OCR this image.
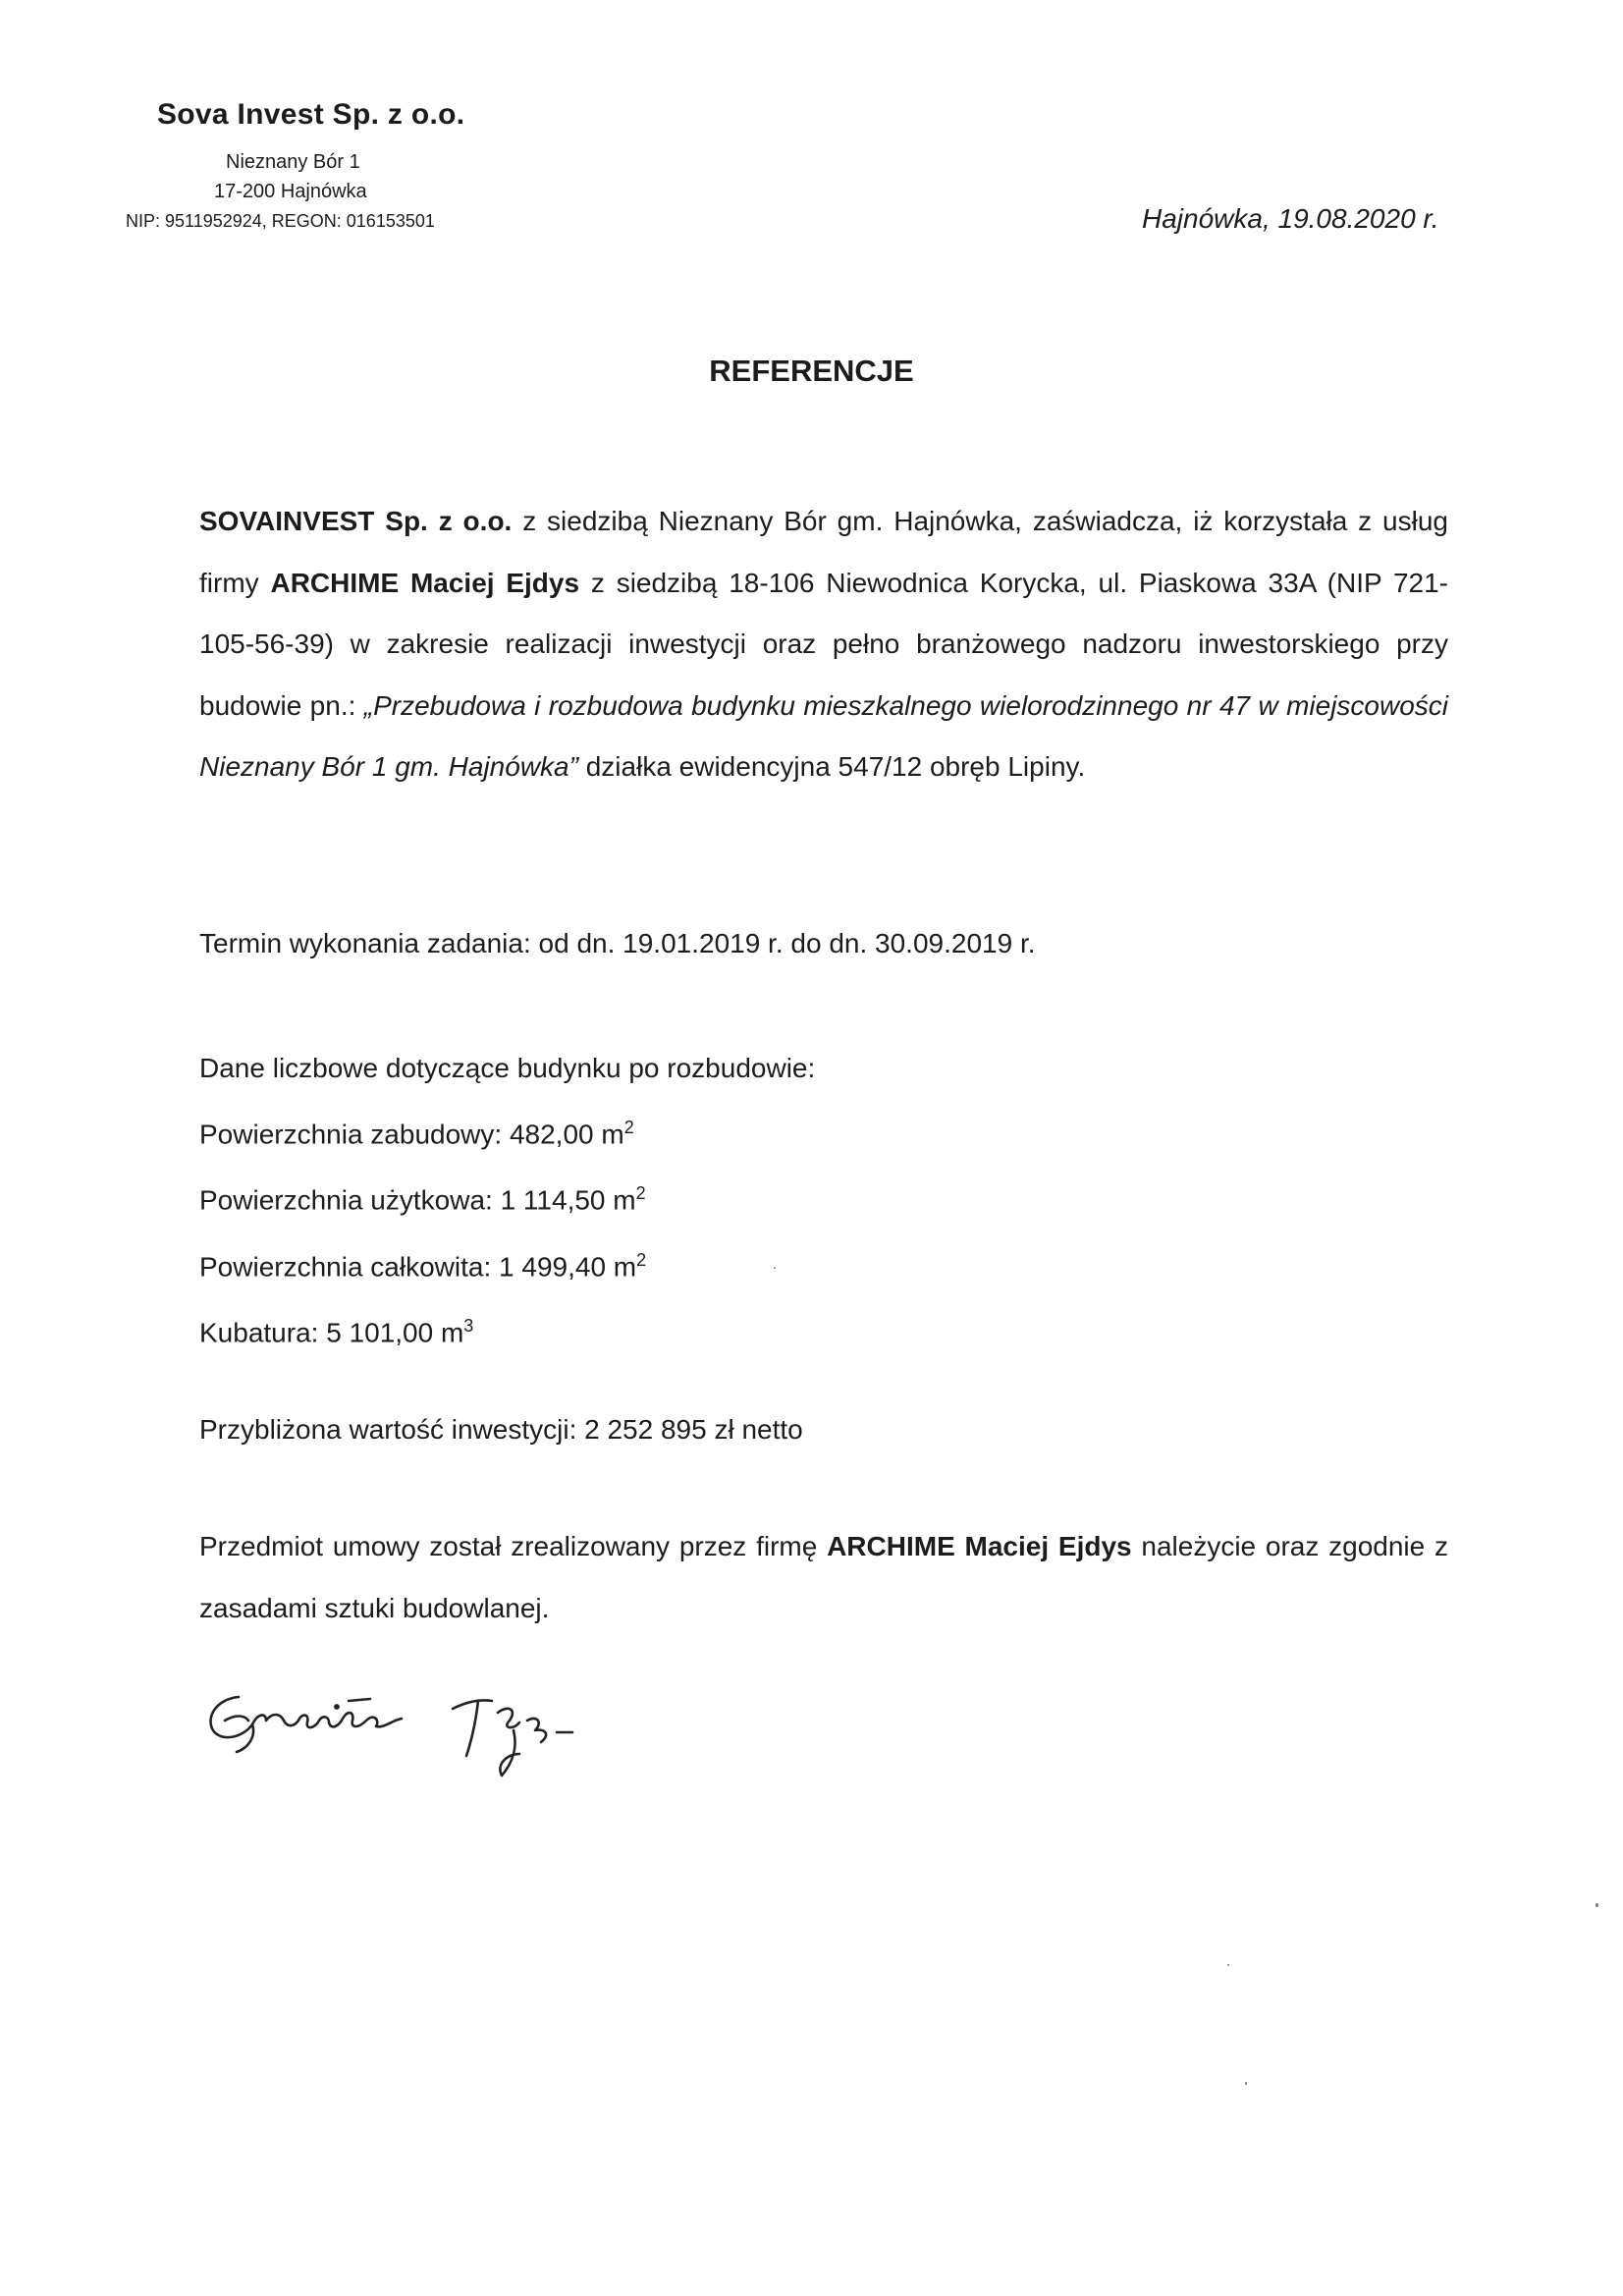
Sova Invest Sp. z o.o.
Nieznany Bór 1
17-200 Hajnówka
NIP: 9511952924, REGON: 016153501	Hajnówka, 19.08.2020 r.
REFERENCJE
SOVAINVEST Sp. z o.o. z siedzibą Nieznany Bór gm. Hajnówka, zaświadcza, iż korzystała z usług firmy ARCHIME Maciej Ejdys z siedzibą 18-106 Niewodnica Korycka, ul. Piaskowa 33A (NIP 721-105-56-39) w zakresie realizacji inwestycji oraz pełno branżowego nadzoru inwestorskiego przy budowie pn.: „Przebudowa i rozbudowa budynku mieszkalnego wielorodzinnego nr 47 w miejscowości Nieznany Bór 1 gm. Hajnówka” działka ewidencyjna 547/12 obręb Lipiny.
Termin wykonania zadania: od dn. 19.01.2019 r. do dn. 30.09.2019 r.
Dane liczbowe dotyczące budynku po rozbudowie:
Powierzchnia zabudowy: 482,00 $m^2$
Powierzchnia użytkowa: 1 114,50 $m^2$
Powierzchnia całkowita: 1 499,40 $m^2$
Kubatura: 5 101,00 $m^3$
Przybliżona wartość inwestycji: 2 252 895 zł netto
Przedmiot umowy został zrealizowany przez firmę ARCHIME Maciej Ejdys należycie oraz zgodnie z zasadami sztuki budowlanej.
